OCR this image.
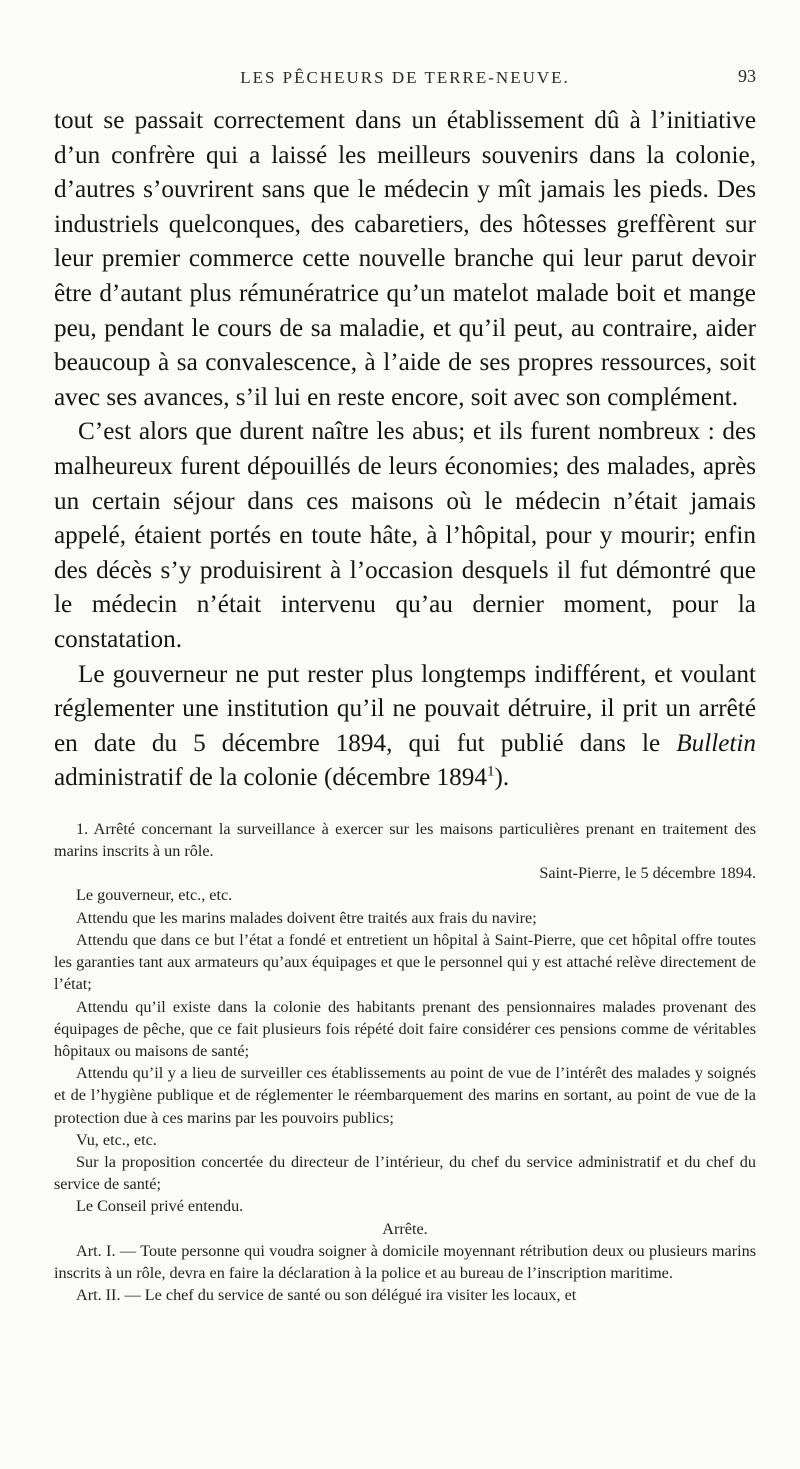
LES PÊCHEURS DE TERRE-NEUVE.	93

tout se passait correctement dans un établissement dû à l’initiative d’un confrère qui a laissé les meilleurs souvenirs dans la colonie, d’autres s’ouvrirent sans que le médecin y mît jamais les pieds. Des industriels quelconques, des cabaretiers, des hôtesses greffèrent sur leur premier commerce cette nouvelle branche qui leur parut devoir être d’autant plus rémunératrice qu’un matelot malade boit et mange peu, pendant le cours de sa maladie, et qu’il peut, au contraire, aider beaucoup à sa convalescence, à l’aide de ses propres ressources, soit avec ses avances, s’il lui en reste encore, soit avec son complément.

C’est alors que durent naître les abus; et ils furent nombreux : des malheureux furent dépouillés de leurs économies; des malades, après un certain séjour dans ces maisons où le médecin n’était jamais appelé, étaient portés en toute hâte, à l’hôpital, pour y mourir; enfin des décès s’y produisirent à l’occasion desquels il fut démontré que le médecin n’était intervenu qu’au dernier moment, pour la constatation.

Le gouverneur ne put rester plus longtemps indifférent, et voulant réglementer une institution qu’il ne pouvait détruire, il prit un arrêté en date du 5 décembre 1894, qui fut publié dans le Bulletin administratif de la colonie (décembre 1894$^1$).

1. Arrêté concernant la surveillance à exercer sur les maisons particulières prenant en traitement des marins inscrits à un rôle.

Saint-Pierre, le 5 décembre 1894.

Le gouverneur, etc., etc.

Attendu que les marins malades doivent être traités aux frais du navire;

Attendu que dans ce but l’état a fondé et entretient un hôpital à Saint-Pierre, que cet hôpital offre toutes les garanties tant aux armateurs qu’aux équipages et que le personnel qui y est attaché relève directement de l’état;

Attendu qu’il existe dans la colonie des habitants prenant des pensionnaires malades provenant des équipages de pêche, que ce fait plusieurs fois répété doit faire considérer ces pensions comme de véritables hôpitaux ou maisons de santé;

Attendu qu’il y a lieu de surveiller ces établissements au point de vue de l’intérêt des malades y soignés et de l’hygiène publique et de réglementer le réembarquement des marins en sortant, au point de vue de la protection due à ces marins par les pouvoirs publics;

Vu, etc., etc.

Sur la proposition concertée du directeur de l’intérieur, du chef du service administratif et du chef du service de santé;

Le Conseil privé entendu.

Arrête.

Art. I. — Toute personne qui voudra soigner à domicile moyennant rétribution deux ou plusieurs marins inscrits à un rôle, devra en faire la déclaration à la police et au bureau de l’inscription maritime.

Art. II. — Le chef du service de santé ou son délégué ira visiter les locaux, et
